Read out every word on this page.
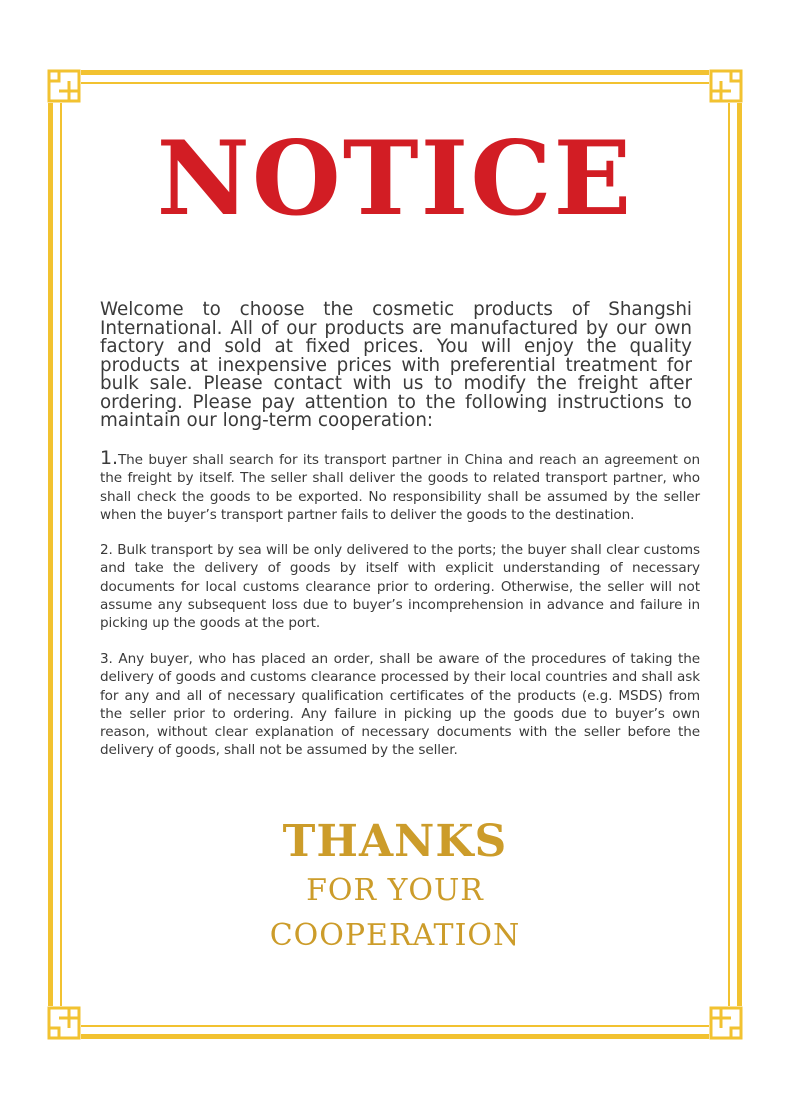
NOTICE

Welcome to choose the cosmetic products of Shangshi International. All of our products are manufactured by our own factory and sold at fixed prices. You will enjoy the quality products at inexpensive prices with preferential treatment for bulk sale. Please contact with us to modify the freight after ordering. Please pay attention to the following instructions to maintain our long-term cooperation:

1.The buyer shall search for its transport partner in China and reach an agreement on the freight by itself. The seller shall deliver the goods to related transport partner, who shall check the goods to be exported. No responsibility shall be assumed by the seller when the buyer’s transport partner fails to deliver the goods to the destination.

2. Bulk transport by sea will be only delivered to the ports; the buyer shall clear customs and take the delivery of goods by itself with explicit understanding of necessary documents for local customs clearance prior to ordering. Otherwise, the seller will not assume any subsequent loss due to buyer’s incomprehension in advance and failure in picking up the goods at the port.

3. Any buyer, who has placed an order, shall be aware of the procedures of taking the delivery of goods and customs clearance processed by their local countries and shall ask for any and all of necessary qualification certificates of the products (e.g. MSDS) from the seller prior to ordering. Any failure in picking up the goods due to buyer’s own reason, without clear explanation of necessary documents with the seller before the delivery of goods, shall not be assumed by the seller.

THANKS
FOR YOUR
COOPERATION
